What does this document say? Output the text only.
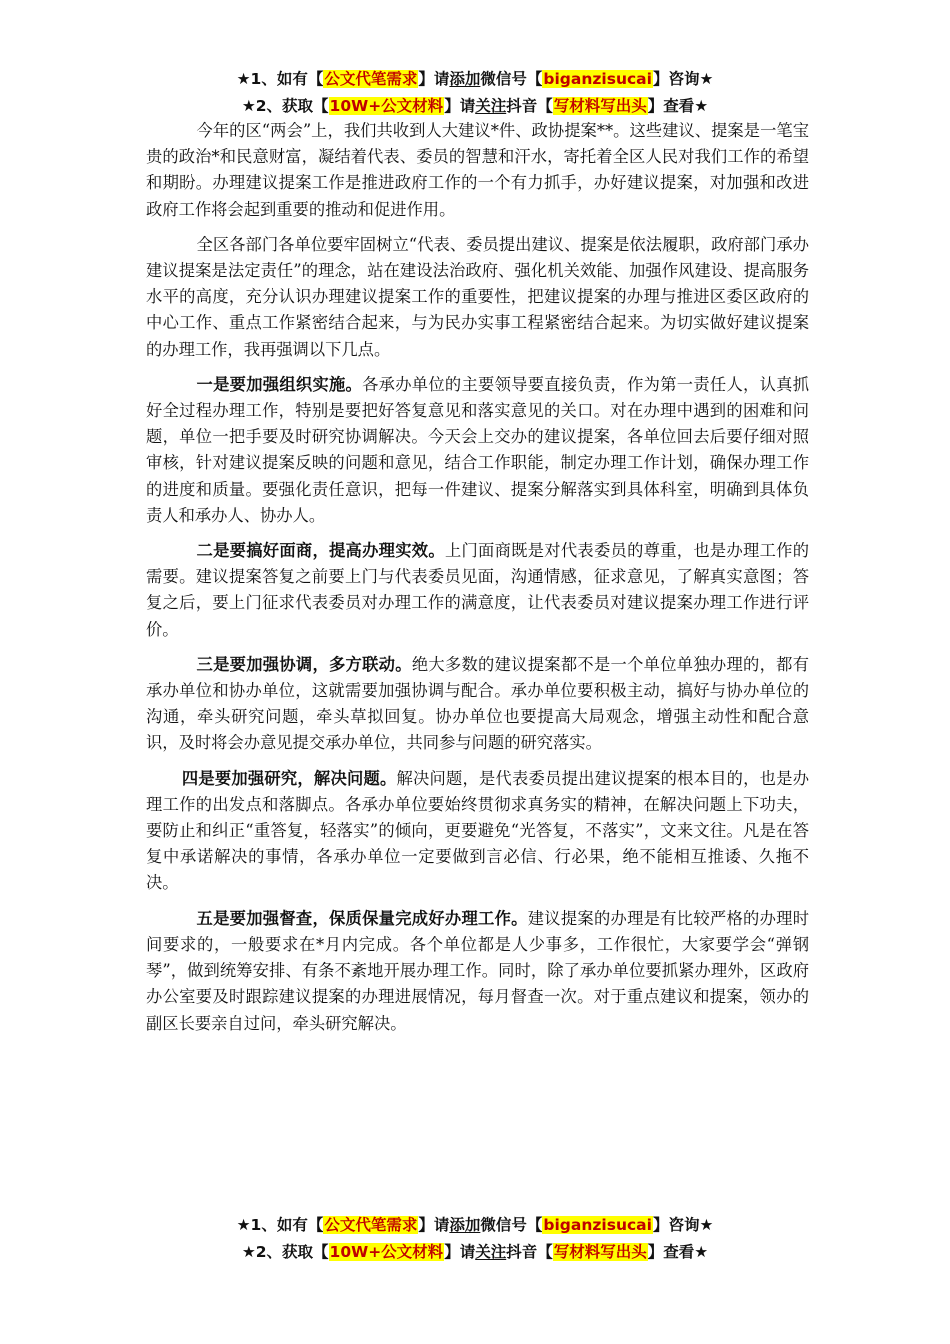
★1、如有【公文代笔需求】请添加微信号【biganzisucai】咨询★
★2、获取【10W+公文材料】请关注抖音【写材料写出头】查看★

今年的区“两会”上，我们共收到人大建议*件、政协提案**。这些建议、提案是一笔宝贵的政治*和民意财富，凝结着代表、委员的智慧和汗水，寄托着全区人民对我们工作的希望和期盼。办理建议提案工作是推进政府工作的一个有力抓手，办好建议提案，对加强和改进政府工作将会起到重要的推动和促进作用。

全区各部门各单位要牢固树立“代表、委员提出建议、提案是依法履职，政府部门承办建议提案是法定责任”的理念，站在建设法治政府、强化机关效能、加强作风建设、提高服务水平的高度，充分认识办理建议提案工作的重要性，把建议提案的办理与推进区委区政府的中心工作、重点工作紧密结合起来，与为民办实事工程紧密结合起来。为切实做好建议提案的办理工作，我再强调以下几点。

一是要加强组织实施。各承办单位的主要领导要直接负责，作为第一责任人，认真抓好全过程办理工作，特别是要把好答复意见和落实意见的关口。对在办理中遇到的困难和问题，单位一把手要及时研究协调解决。今天会上交办的建议提案，各单位回去后要仔细对照审核，针对建议提案反映的问题和意见，结合工作职能，制定办理工作计划，确保办理工作的进度和质量。要强化责任意识，把每一件建议、提案分解落实到具体科室，明确到具体负责人和承办人、协办人。

二是要搞好面商，提高办理实效。上门面商既是对代表委员的尊重，也是办理工作的需要。建议提案答复之前要上门与代表委员见面，沟通情感，征求意见，了解真实意图；答复之后，要上门征求代表委员对办理工作的满意度，让代表委员对建议提案办理工作进行评价。

三是要加强协调，多方联动。绝大多数的建议提案都不是一个单位单独办理的，都有承办单位和协办单位，这就需要加强协调与配合。承办单位要积极主动，搞好与协办单位的沟通，牵头研究问题，牵头草拟回复。协办单位也要提高大局观念，增强主动性和配合意识，及时将会办意见提交承办单位，共同参与问题的研究落实。

四是要加强研究，解决问题。解决问题，是代表委员提出建议提案的根本目的，也是办理工作的出发点和落脚点。各承办单位要始终贯彻求真务实的精神，在解决问题上下功夫，要防止和纠正“重答复，轻落实”的倾向，更要避免“光答复，不落实”，文来文往。凡是在答复中承诺解决的事情，各承办单位一定要做到言必信、行必果，绝不能相互推诿、久拖不决。

五是要加强督查，保质保量完成好办理工作。建议提案的办理是有比较严格的办理时间要求的，一般要求在*月内完成。各个单位都是人少事多，工作很忙，大家要学会“弹钢琴”，做到统筹安排、有条不紊地开展办理工作。同时，除了承办单位要抓紧办理外，区政府办公室要及时跟踪建议提案的办理进展情况，每月督查一次。对于重点建议和提案，领办的副区长要亲自过问，牵头研究解决。

★1、如有【公文代笔需求】请添加微信号【biganzisucai】咨询★
★2、获取【10W+公文材料】请关注抖音【写材料写出头】查看★
